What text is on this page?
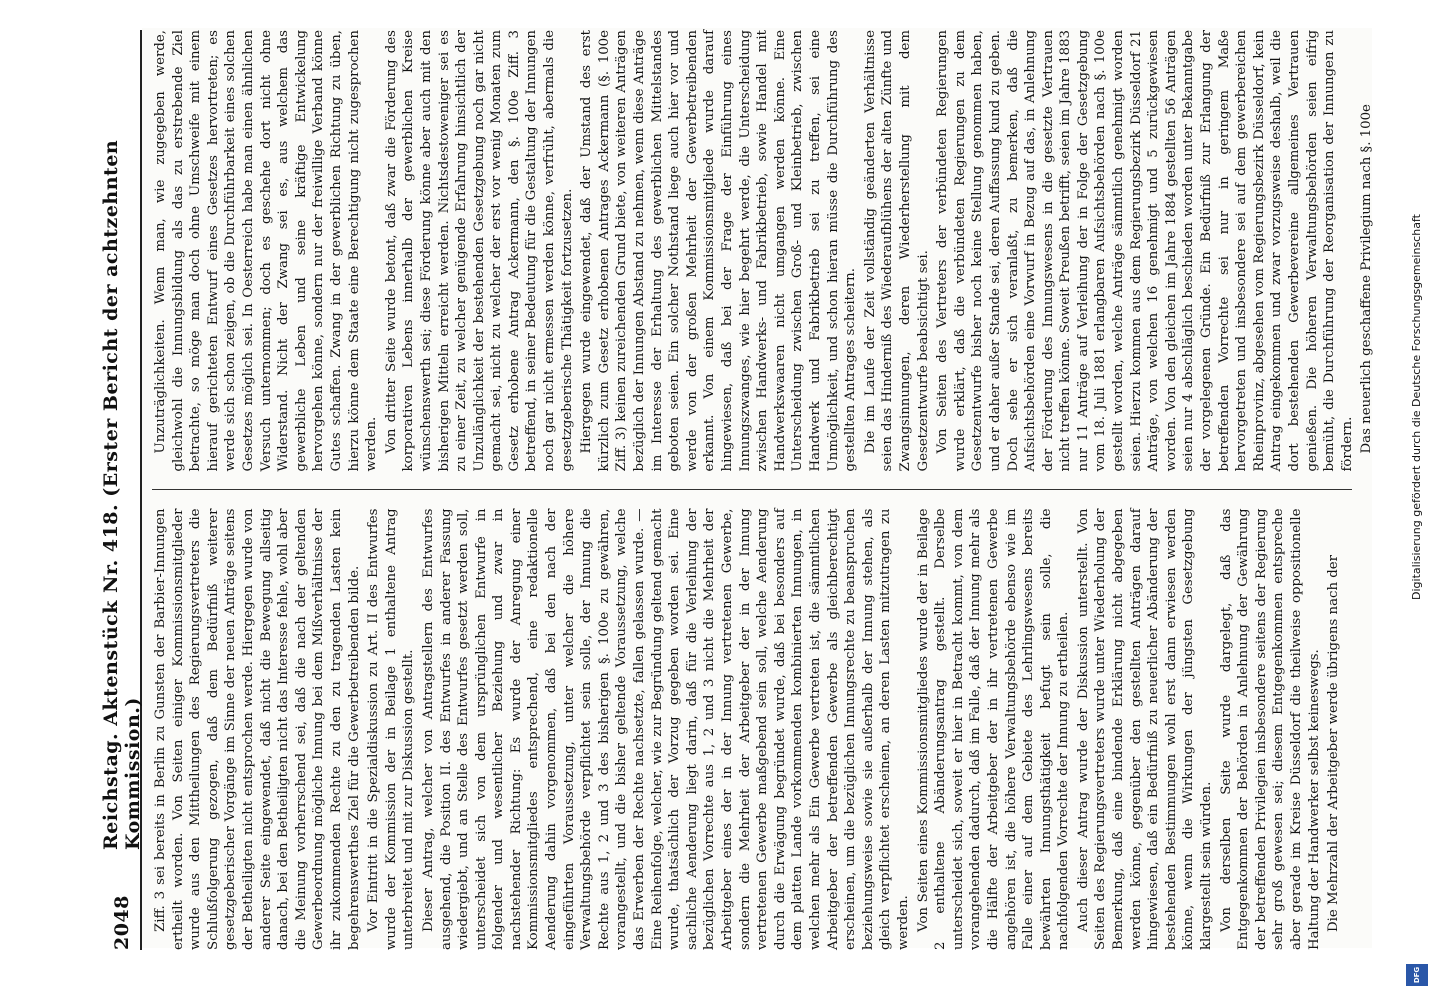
2048
Reichstag. Aktenstück Nr. 418. (Erster Bericht der achtzehnten Kommission.)

Unzuträglichkeiten. Wenn man, wie zugegeben werde, gleichwohl die Innungsbildung als das zu erstrebende Ziel betrachte, so möge man doch ohne Umschweife mit einem hierauf gerichteten Entwurf eines Gesetzes hervortreten; es werde sich schon zeigen, ob die Durchführbarkeit eines solchen Gesetzes möglich sei. In Oesterreich habe man einen ähnlichen Versuch unternommen; doch es geschehe dort nicht ohne Widerstand. Nicht der Zwang sei es, aus welchem das gewerbliche Leben und seine kräftige Entwickelung hervorgehen könne, sondern nur der freiwillige Verband könne Gutes schaffen. Zwang in der gewerblichen Richtung zu üben, hierzu könne dem Staate eine Berechtigung nicht zugesprochen werden. Von dritter Seite wurde betont, daß zwar die Förderung des korporativen Lebens innerhalb der gewerblichen Kreise wünschenswerth sei; diese Förderung könne aber auch mit den bisherigen Mitteln erreicht werden. Nichtsdestoweniger sei es zu einer Zeit, zu welcher genügende Erfahrung hinsichtlich der Unzulänglichkeit der bestehenden Gesetzgebung noch gar nicht gemacht sei, nicht zu welcher der erst vor wenig Monaten zum Gesetz erhobene Antrag Ackermann, den §. 100e Ziff. 3 betreffend, in seiner Bedeutung für die Gestaltung der Innungen noch gar nicht ermessen werden könne, verfrüht, abermals die gesetzgeberische Thätigkeit fortzusetzen. Hiergegen wurde eingewendet, daß der Umstand des erst kürzlich zum Gesetz erhobenen Antrages Ackermann (§. 100e Ziff. 3) keinen zureichenden Grund biete, von weiteren Anträgen bezüglich der Innungen Abstand zu nehmen, wenn diese Anträge im Interesse der Erhaltung des gewerblichen Mittelstandes geboten seien. Ein solcher Nothstand liege auch hier vor und werde von der großen Mehrheit der Gewerbetreibenden erkannt. Von einem Kommissionsmitgliede wurde darauf hingewiesen, daß bei der Frage der Einführung eines Innungszwanges, wie hier begehrt werde, die Unterscheidung zwischen Handwerks- und Fabrikbetrieb, sowie Handel mit Handwerkswaaren nicht umgangen werden könne. Eine Unterscheidung zwischen Groß- und Kleinbetrieb, zwischen Handwerk und Fabrikbetrieb sei zu treffen, sei eine Unmöglichkeit, und schon hieran müsse die Durchführung des gestellten Antrages scheitern. Die im Laufe der Zeit vollständig geänderten Verhältnisse seien das Hinderniß des Wiederaufblühens der alten Zünfte und Zwangsinnungen, deren Wiederherstellung mit dem Gesetzentwurfe beabsichtigt sei. Von Seiten des Vertreters der verbündeten Regierungen wurde erklärt, daß die verbündeten Regierungen zu dem Gesetzentwurfe bisher noch keine Stellung genommen haben, und er daher außer Stande sei, deren Auffassung kund zu geben. Doch sehe er sich veranlaßt, zu bemerken, daß die Aufsichtsbehörden eine Vorwurf in Bezug auf das, in Anlehnung der Förderung des Innungswesens in die gesetzte Vertrauen nicht treffen könne. Soweit Preußen betrifft, seien im Jahre 1883 nur 11 Anträge auf Verleihung der in Folge der Gesetzgebung vom 18. Juli 1881 erlangbaren Aufsichtsbehörden nach §. 100e gestellt worden, welche Anträge sämmtlich genehmigt worden seien. Hierzu kommen aus dem Regierungsbezirk Düsseldorf 21 Anträge, von welchen 16 genehmigt und 5 zurückgewiesen worden. Von den gleichen im Jahre 1884 gestellten 56 Anträgen seien nur 4 abschläglich beschieden worden unter Bekanntgabe der vorgelegenen Gründe. Ein Bedürfniß zur Erlangung der betreffenden Vorrechte sei nur in geringem Maße hervorgetreten und insbesondere sei auf dem gewerbereichen Rheinprovinz, abgesehen vom Regierungsbezirk Düsseldorf, kein Antrag eingekommen und zwar vorzugsweise deshalb, weil die dort bestehenden Gewerbevereine allgemeines Vertrauen genießen. Die höheren Verwaltungsbehörden seien eifrig bemüht, die Durchführung der Reorganisation der Innungen zu fördern. Das neuerlich geschaffene Privilegium nach §. 100e

Ziff. 3 sei bereits in Berlin zu Gunsten der Barbier-Innungen ertheilt worden. Von Seiten einiger Kommissionsmitglieder wurde aus den Mittheilungen des Regierungsvertreters die Schlußfolgerung gezogen, daß dem Bedürfniß weiterer gesetzgeberischer Vorgänge im Sinne der neuen Anträge seitens der Betheiligten nicht entsprochen werde. Hiergegen wurde von anderer Seite eingewendet, daß nicht die Bewegung allseitig danach, bei den Betheiligten nicht das Interesse fehle, wohl aber die Meinung vorherrschend sei, daß die nach der geltenden Gewerbeordnung mögliche Innung bei dem Mißverhältnisse der ihr zukommenden Rechte zu den zu tragenden Lasten kein begehrenswerthes Ziel für die Gewerbetreibenden bilde. Vor Eintritt in die Spezialdiskussion zu Art. II des Entwurfes wurde der Kommission der in Beilage 1 enthaltene Antrag unterbreitet und mit zur Diskussion gestellt. Dieser Antrag, welcher von Antragstellern des Entwurfes ausgehend, die Position II. des Entwurfes in anderer Fassung wiedergiebt, und an Stelle des Entwurfes gesetzt werden soll, unterscheidet sich von dem ursprünglichen Entwurfe in folgender und wesentlicher Beziehung und zwar in nachstehender Richtung: Es wurde der Anregung einer Kommissionsmitgliedes entsprechend, eine redaktionelle Aenderung dahin vorgenommen, daß bei den nach der eingeführten Voraussetzung, unter welcher die höhere Verwaltungsbehörde verpflichtet sein solle, der Innung die Rechte aus 1, 2 und 3 des bisherigen §. 100e zu gewähren, vorangestellt, und die bisher geltende Voraussetzung, welche das Erwerben der Rechte nachsetzte, fallen gelassen wurde. — Eine Reihenfolge, welcher, wie zur Begründung geltend gemacht wurde, thatsächlich der Vorzug gegeben worden sei. Eine sachliche Aenderung liegt darin, daß für die Verleihung der bezüglichen Vorrechte aus 1, 2 und 3 nicht die Mehrheit der Arbeitgeber eines der in der Innung vertretenen Gewerbe, sondern die Mehrheit der Arbeitgeber der in der Innung vertretenen Gewerbe maßgebend sein soll, welche Aenderung durch die Erwägung begründet wurde, daß bei besonders auf dem platten Lande vorkommenden kombinierten Innungen, in welchen mehr als Ein Gewerbe vertreten ist, die sämmtlichen Arbeitgeber der betreffenden Gewerbe als gleichberechtigt erscheinen, um die bezüglichen Innungsrechte zu beanspruchen beziehungsweise sowie sie außerhalb der Innung stehen, als gleich verpflichtet erscheinen, an deren Lasten mitzutragen zu werden. Von Seiten eines Kommissionsmitgliedes wurde der in Beilage 2 enthaltene Abänderungsantrag gestellt. Derselbe unterscheidet sich, soweit er hier in Betracht kommt, von dem vorangehenden dadurch, daß im Falle, daß der Innung mehr als die Hälfte der Arbeitgeber der in ihr vertretenen Gewerbe angehören ist, die höhere Verwaltungsbehörde ebenso wie im Falle einer auf dem Gebiete des Lehrlingswesens bereits bewährten Innungsthätigkeit befugt sein solle, die nachfolgenden Vorrechte der Innung zu ertheilen. Auch dieser Antrag wurde der Diskussion unterstellt. Von Seiten des Regierungsvertreters wurde unter Wiederholung der Bemerkung, daß eine bindende Erklärung nicht abgegeben werden könne, gegenüber den gestellten Anträgen darauf hingewiesen, daß ein Bedürfniß zu neuerlicher Abänderung der bestehenden Bestimmungen wohl erst dann erwiesen werden könne, wenn die Wirkungen der jüngsten Gesetzgebung klargestellt sein würden. Von derselben Seite wurde dargelegt, daß das Entgegenkommen der Behörden in Anlehnung der Gewährung der betreffenden Privilegien insbesondere seitens der Regierung sehr groß gewesen sei; diesem Entgegenkommen entspreche aber gerade im Kreise Düsseldorf die theilweise oppositionelle Haltung der Handwerker selbst keineswegs. Die Mehrzahl der Arbeitgeber werde übrigens nach der

Digitalisierung gefördert durch die Deutsche Forschungsgemeinschaft
DFG
